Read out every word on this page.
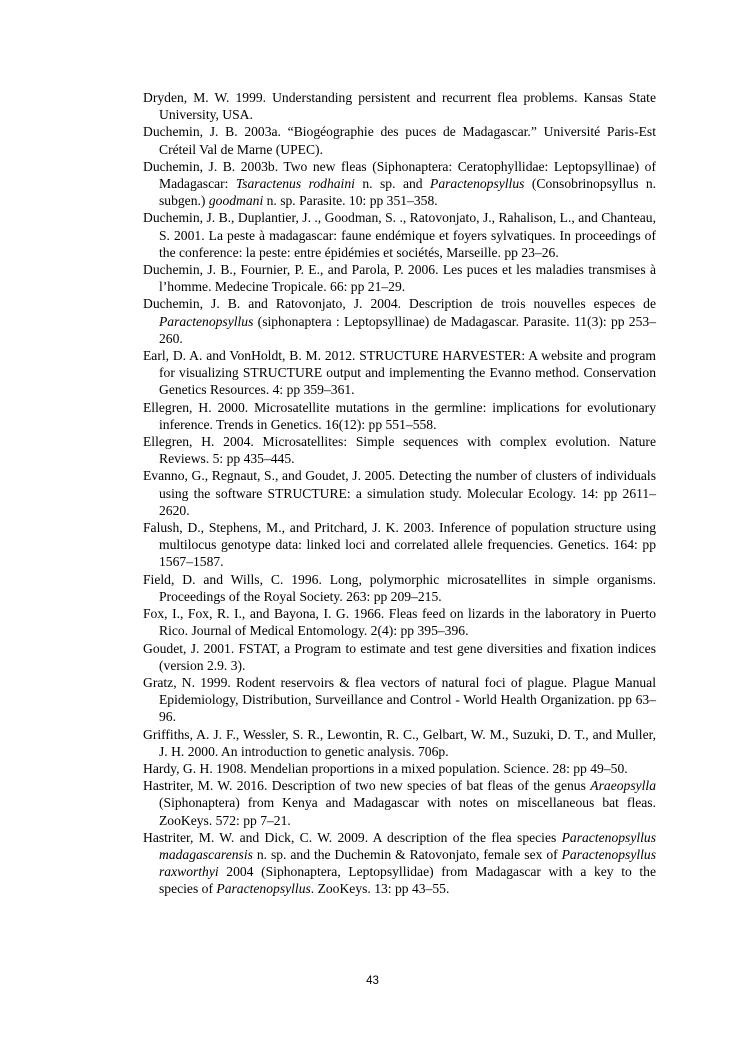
Dryden, M. W. 1999. Understanding persistent and recurrent flea problems. Kansas State University, USA.

Duchemin, J. B. 2003a. “Biogéographie des puces de Madagascar.” Université Paris-Est Créteil Val de Marne (UPEC).

Duchemin, J. B. 2003b. Two new fleas (Siphonaptera: Ceratophyllidae: Leptopsyllinae) of Madagascar: Tsaractenus rodhaini n. sp. and Paractenopsyllus (Consobrinopsyllus n. subgen.) goodmani n. sp. Parasite. 10: pp 351–358.

Duchemin, J. B., Duplantier, J. ., Goodman, S. ., Ratovonjato, J., Rahalison, L., and Chanteau, S. 2001. La peste à madagascar: faune endémique et foyers sylvatiques. In proceedings of the conference: la peste: entre épidémies et sociétés, Marseille. pp 23–26.

Duchemin, J. B., Fournier, P. E., and Parola, P. 2006. Les puces et les maladies transmises à l’homme. Medecine Tropicale. 66: pp 21–29.

Duchemin, J. B. and Ratovonjato, J. 2004. Description de trois nouvelles especes de Paractenopsyllus (siphonaptera : Leptopsyllinae) de Madagascar. Parasite. 11(3): pp 253–260.

Earl, D. A. and VonHoldt, B. M. 2012. STRUCTURE HARVESTER: A website and program for visualizing STRUCTURE output and implementing the Evanno method. Conservation Genetics Resources. 4: pp 359–361.

Ellegren, H. 2000. Microsatellite mutations in the germline: implications for evolutionary inference. Trends in Genetics. 16(12): pp 551–558.

Ellegren, H. 2004. Microsatellites: Simple sequences with complex evolution. Nature Reviews. 5: pp 435–445.

Evanno, G., Regnaut, S., and Goudet, J. 2005. Detecting the number of clusters of individuals using the software STRUCTURE: a simulation study. Molecular Ecology. 14: pp 2611–2620.

Falush, D., Stephens, M., and Pritchard, J. K. 2003. Inference of population structure using multilocus genotype data: linked loci and correlated allele frequencies. Genetics. 164: pp 1567–1587.

Field, D. and Wills, C. 1996. Long, polymorphic microsatellites in simple organisms. Proceedings of the Royal Society. 263: pp 209–215.

Fox, I., Fox, R. I., and Bayona, I. G. 1966. Fleas feed on lizards in the laboratory in Puerto Rico. Journal of Medical Entomology. 2(4): pp 395–396.

Goudet, J. 2001. FSTAT, a Program to estimate and test gene diversities and fixation indices (version 2.9. 3).

Gratz, N. 1999. Rodent reservoirs & flea vectors of natural foci of plague. Plague Manual Epidemiology, Distribution, Surveillance and Control - World Health Organization. pp 63–96.

Griffiths, A. J. F., Wessler, S. R., Lewontin, R. C., Gelbart, W. M., Suzuki, D. T., and Muller, J. H. 2000. An introduction to genetic analysis. 706p.

Hardy, G. H. 1908. Mendelian proportions in a mixed population. Science. 28: pp 49–50.

Hastriter, M. W. 2016. Description of two new species of bat fleas of the genus Araeopsylla (Siphonaptera) from Kenya and Madagascar with notes on miscellaneous bat fleas. ZooKeys. 572: pp 7–21.

Hastriter, M. W. and Dick, C. W. 2009. A description of the flea species Paractenopsyllus madagascarensis n. sp. and the Duchemin & Ratovonjato, female sex of Paractenopsyllus raxworthyi 2004 (Siphonaptera, Leptopsyllidae) from Madagascar with a key to the species of Paractenopsyllus. ZooKeys. 13: pp 43–55.

43
